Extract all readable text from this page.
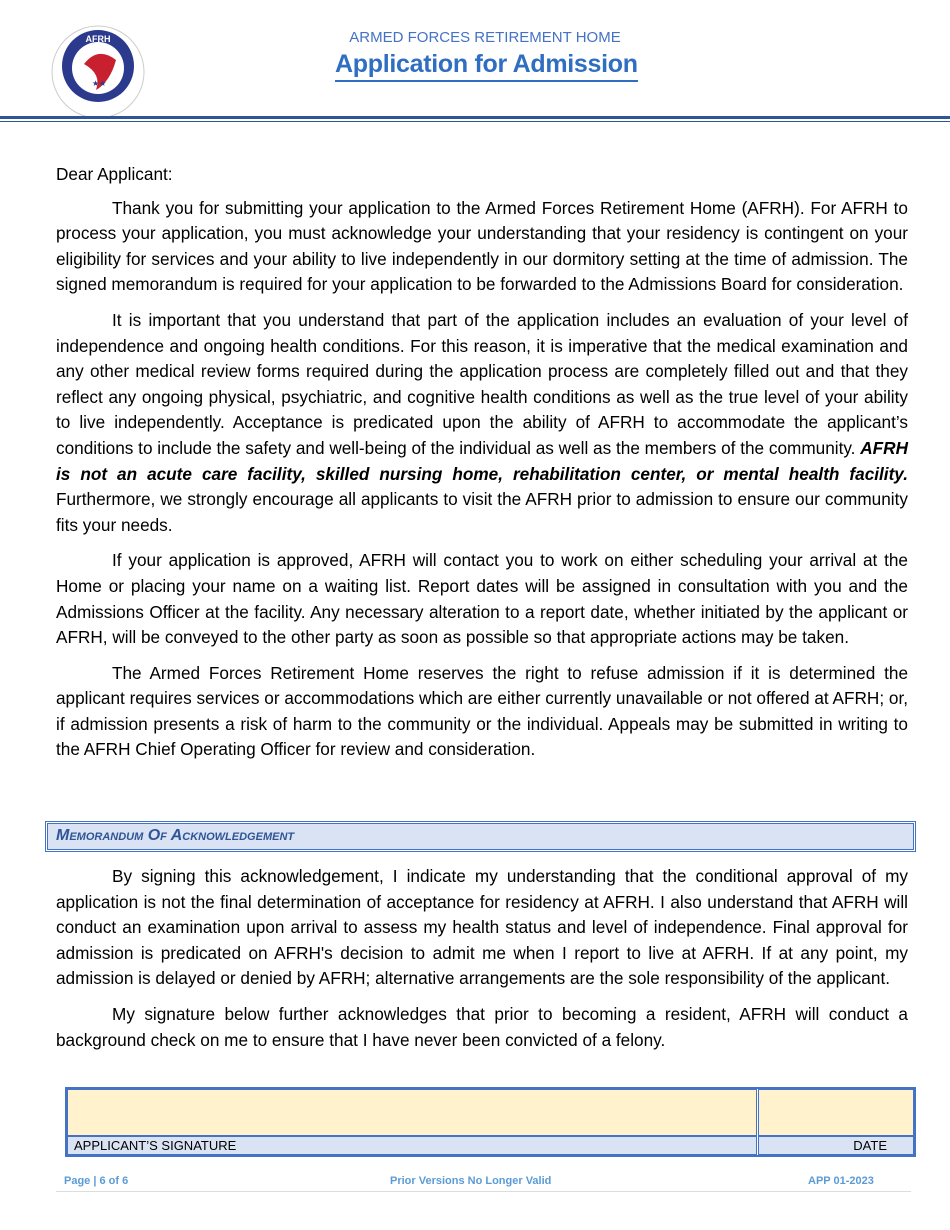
AFRH
★★
ARMED FORCES RETIREMENT HOME
Application for Admission

Dear Applicant:

Thank you for submitting your application to the Armed Forces Retirement Home (AFRH). For AFRH to process your application, you must acknowledge your understanding that your residency is contingent on your eligibility for services and your ability to live independently in our dormitory setting at the time of admission. The signed memorandum is required for your application to be forwarded to the Admissions Board for consideration.

It is important that you understand that part of the application includes an evaluation of your level of independence and ongoing health conditions. For this reason, it is imperative that the medical examination and any other medical review forms required during the application process are completely filled out and that they reflect any ongoing physical, psychiatric, and cognitive health conditions as well as the true level of your ability to live independently. Acceptance is predicated upon the ability of AFRH to accommodate the applicant’s conditions to include the safety and well-being of the individual as well as the members of the community. AFRH is not an acute care facility, skilled nursing home, rehabilitation center, or mental health facility. Furthermore, we strongly encourage all applicants to visit the AFRH prior to admission to ensure our community fits your needs.

If your application is approved, AFRH will contact you to work on either scheduling your arrival at the Home or placing your name on a waiting list. Report dates will be assigned in consultation with you and the Admissions Officer at the facility. Any necessary alteration to a report date, whether initiated by the applicant or AFRH, will be conveyed to the other party as soon as possible so that appropriate actions may be taken.

The Armed Forces Retirement Home reserves the right to refuse admission if it is determined the applicant requires services or accommodations which are either currently unavailable or not offered at AFRH; or, if admission presents a risk of harm to the community or the individual. Appeals may be submitted in writing to the AFRH Chief Operating Officer for review and consideration.

Memorandum Of Acknowledgement

By signing this acknowledgement, I indicate my understanding that the conditional approval of my application is not the final determination of acceptance for residency at AFRH. I also understand that AFRH will conduct an examination upon arrival to assess my health status and level of independence. Final approval for admission is predicated on AFRH's decision to admit me when I report to live at AFRH. If at any point, my admission is delayed or denied by AFRH; alternative arrangements are the sole responsibility of the applicant.

My signature below further acknowledges that prior to becoming a resident, AFRH will conduct a background check on me to ensure that I have never been convicted of a felony.

APPLICANT’S SIGNATURE	DATE
Page | 6 of 6	Prior Versions No Longer Valid	APP 01-2023
